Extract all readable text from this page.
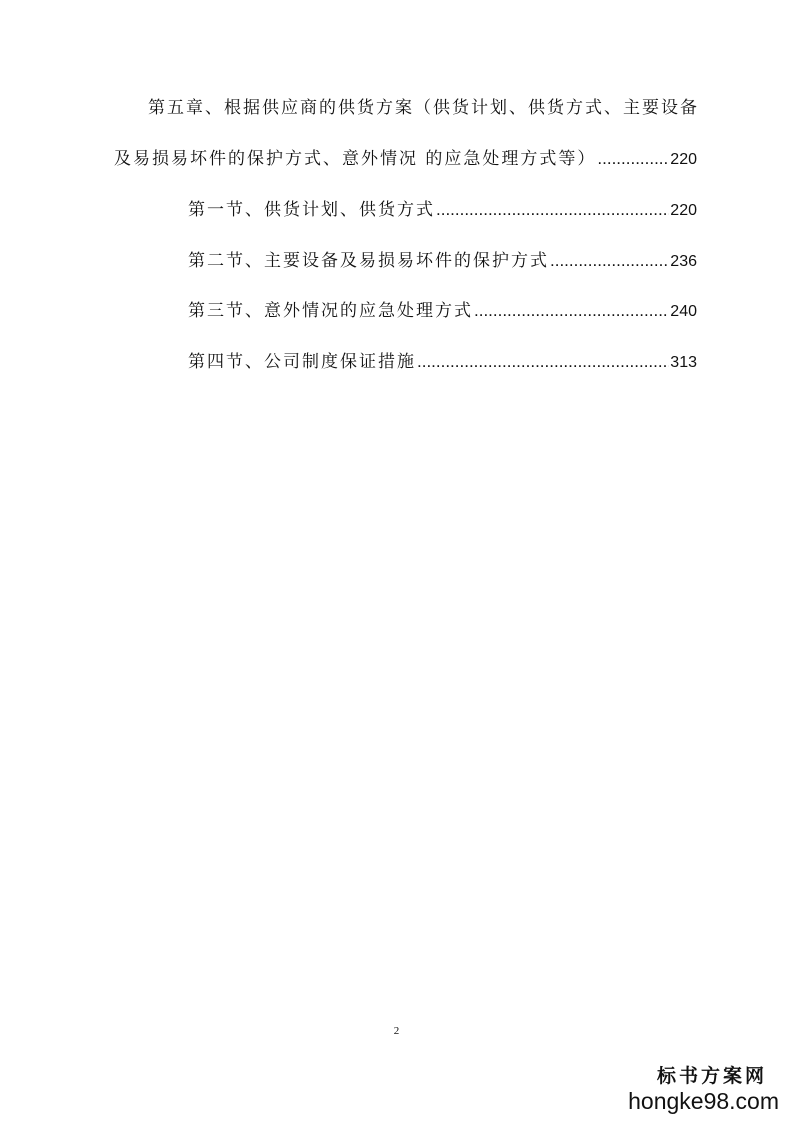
第五章、根据供应商的供货方案（供货计划、供货方式、主要设备
及易损易坏件的保护方式、意外情况 的应急处理方式等） .....	220
第一节、供货计划、供货方式 .....	220
第二节、主要设备及易损易坏件的保护方式 .....	236
第三节、意外情况的应急处理方式 .....	240
第四节、公司制度保证措施 .....	313
2
标书方案网
hongke98.com
